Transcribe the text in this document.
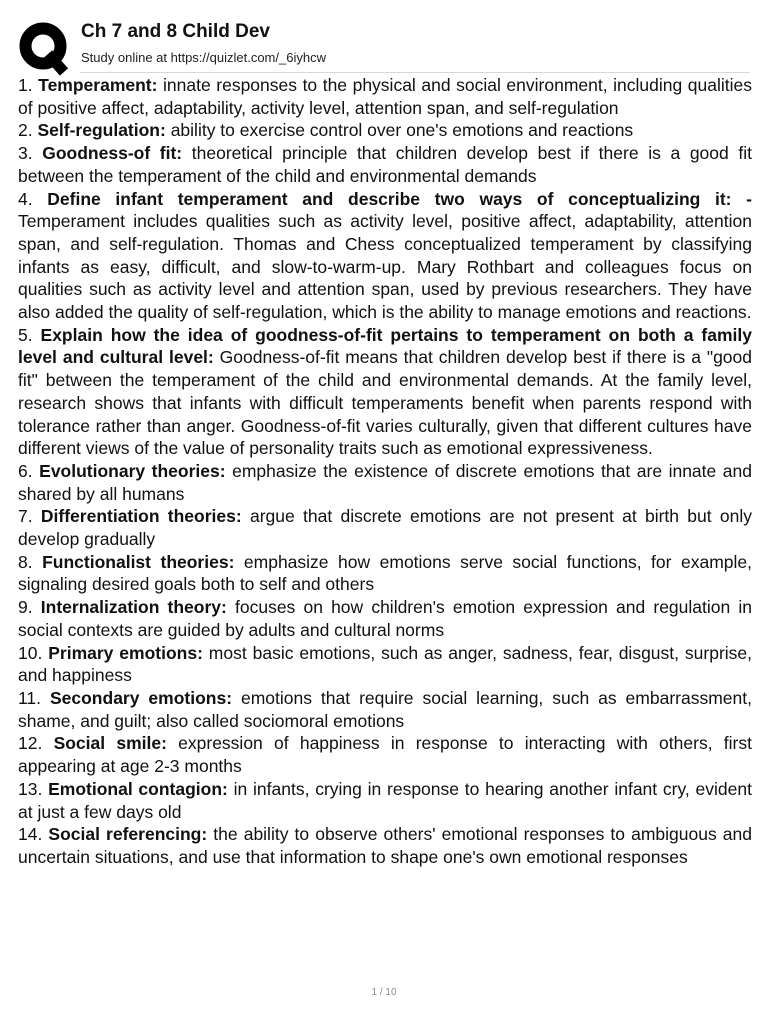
Ch 7 and 8 Child Dev
Study online at https://quizlet.com/_6iyhcw

1. Temperament: innate responses to the physical and social environment, including qualities of positive affect, adaptability, activity level, attention span, and self-regulation

2. Self-regulation: ability to exercise control over one's emotions and reactions

3. Goodness-of fit: theoretical principle that children develop best if there is a good fit between the temperament of the child and environmental demands

4. Define infant temperament and describe two ways of conceptualizing it: - Temperament includes qualities such as activity level, positive affect, adaptability, attention span, and self-regulation. Thomas and Chess conceptualized temperament by classifying infants as easy, difficult, and slow-to-warm-up. Mary Rothbart and colleagues focus on qualities such as activity level and attention span, used by previous researchers. They have also added the quality of self-regulation, which is the ability to manage emotions and reactions.

5. Explain how the idea of goodness-of-fit pertains to temperament on both a family level and cultural level: Goodness-of-fit means that children develop best if there is a "good fit" between the temperament of the child and environmental demands. At the family level, research shows that infants with difficult temperaments benefit when parents respond with tolerance rather than anger. Goodness-of-fit varies culturally, given that different cultures have different views of the value of personality traits such as emotional expressiveness.

6. Evolutionary theories: emphasize the existence of discrete emotions that are innate and shared by all humans

7. Differentiation theories: argue that discrete emotions are not present at birth but only develop gradually

8. Functionalist theories: emphasize how emotions serve social functions, for example, signaling desired goals both to self and others

9. Internalization theory: focuses on how children's emotion expression and regulation in social contexts are guided by adults and cultural norms

10. Primary emotions: most basic emotions, such as anger, sadness, fear, disgust, surprise, and happiness

11. Secondary emotions: emotions that require social learning, such as embarrassment, shame, and guilt; also called sociomoral emotions

12. Social smile: expression of happiness in response to interacting with others, first appearing at age 2-3 months

13. Emotional contagion: in infants, crying in response to hearing another infant cry, evident at just a few days old

14. Social referencing: the ability to observe others' emotional responses to ambiguous and uncertain situations, and use that information to shape one's own emotional responses

1 / 10
